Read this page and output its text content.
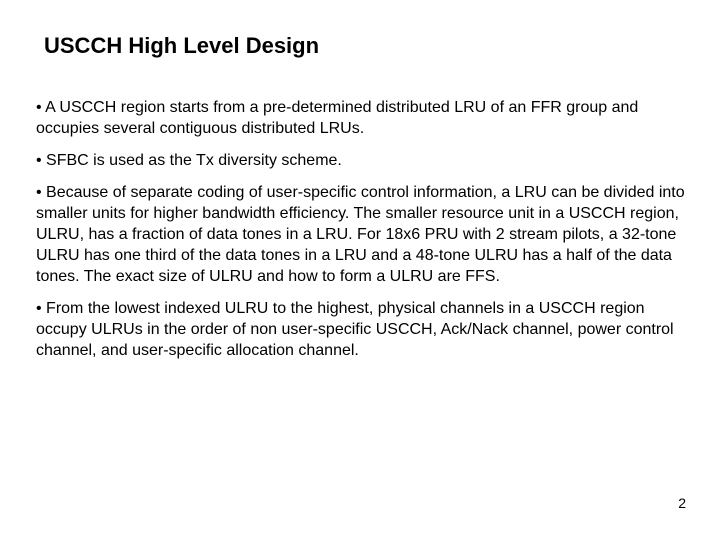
USCCH High Level Design
• A USCCH region starts from a pre-determined distributed LRU of an FFR group and occupies several contiguous distributed LRUs.
• SFBC is used as the Tx diversity scheme.
• Because of separate coding of user-specific control information, a LRU can be divided into smaller units for higher bandwidth efficiency. The smaller resource unit in a USCCH region, ULRU, has a fraction of data tones in a LRU. For 18x6 PRU with 2 stream pilots, a 32-tone ULRU has one third of the data tones in a LRU and a 48-tone ULRU has a half of the data tones. The exact size of ULRU and how to form a ULRU are FFS.
• From the lowest indexed ULRU to the highest, physical channels in a USCCH region occupy ULRUs in the order of non user-specific USCCH, Ack/Nack channel, power control channel, and user-specific allocation channel.
2
